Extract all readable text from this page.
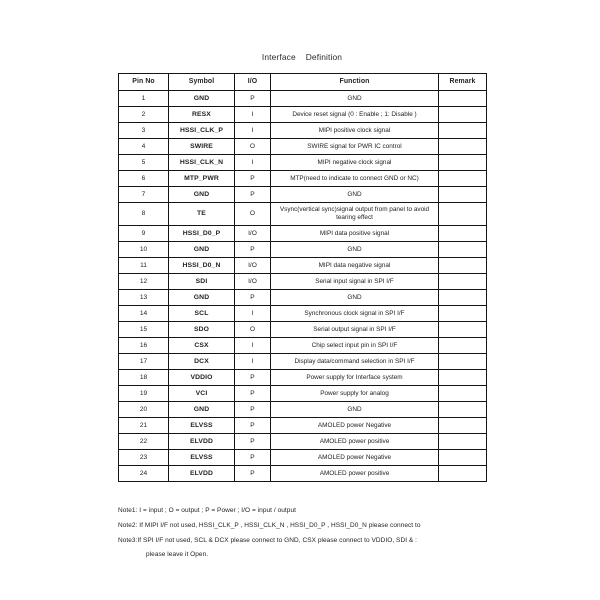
Interface    Definition
Pin No	Symbol	I/O	Function	Remark
1	GND	P	GND	
2	RESX	I	Device reset signal (0 : Enable ; 1: Disable )	
3	HSSI_CLK_P	I	MIPI positive clock signal	
4	SWIRE	O	SWIRE signal for PWR IC control	
5	HSSI_CLK_N	I	MIPI negative clock signal	
6	MTP_PWR	P	MTP(need to indicate to connect GND or NC)	
7	GND	P	GND	
8	TE	O	Vsync(vertical sync)signal output from panel to avoid tearing effect	
9	HSSI_D0_P	I/O	MIPI data positive signal	
10	GND	P	GND	
11	HSSI_D0_N	I/O	MIPI data negative signal	
12	SDI	I/O	Serial input signal in SPI I/F	
13	GND	P	GND	
14	SCL	I	Synchronous clock signal in SPI I/F	
15	SDO	O	Serial output signal in SPI I/F	
16	CSX	I	Chip select input pin in SPI I/F	
17	DCX	I	Display data/command selection in SPI I/F	
18	VDDIO	P	Power supply for Interface system	
19	VCI	P	Power supply for analog	
20	GND	P	GND	
21	ELVSS	P	AMOLED power Negative	
22	ELVDD	P	AMOLED power positive	
23	ELVSS	P	AMOLED power Negative	
24	ELVDD	P	AMOLED power positive	
Note1: I = input ; O = output ; P = Power ; I/O = input / output
Note2: If MIPI I/F not used, HSSI_CLK_P , HSSI_CLK_N , HSSI_D0_P , HSSI_D0_N please connect to
Note3:If SPI I/F not used, SCL & DCX please connect to GND, CSX please connect to VDDIO, SDI & :
please leave it Open.
